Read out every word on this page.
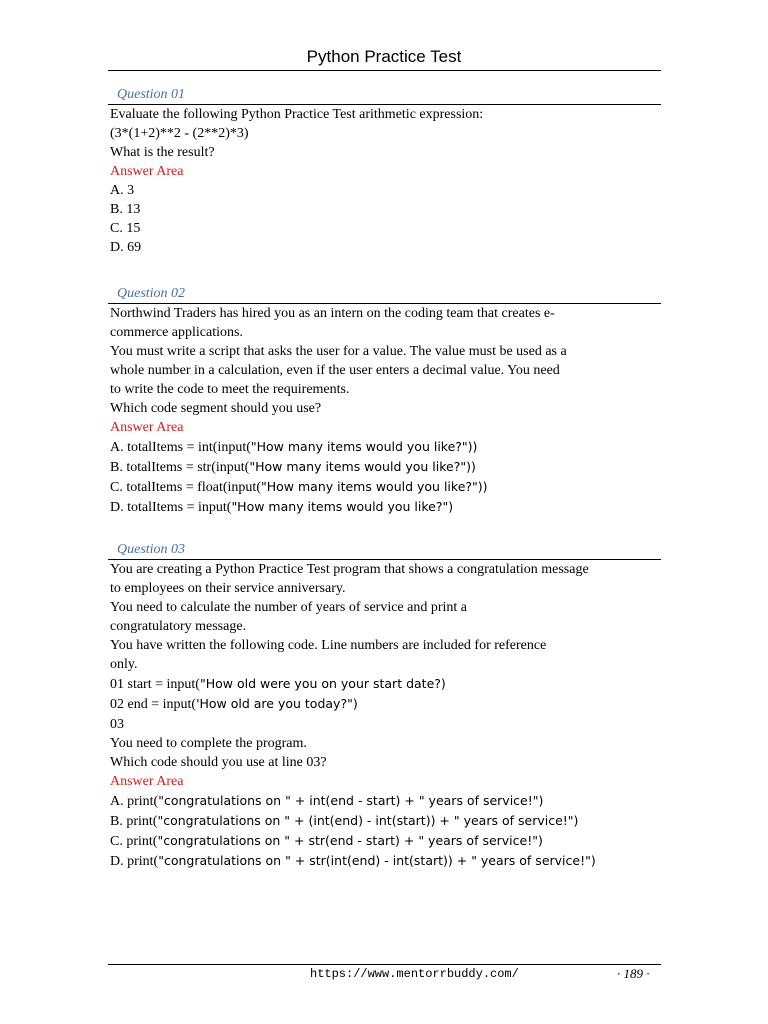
Python Practice Test
Question 01
Evaluate the following Python Practice Test arithmetic expression:
(3*(1+2)**2 - (2**2)*3)
What is the result?
Answer Area
A. 3
B. 13
C. 15
D. 69
Question 02
Northwind Traders has hired you as an intern on the coding team that creates e-
commerce applications.
You must write a script that asks the user for a value. The value must be used as a
whole number in a calculation, even if the user enters a decimal value. You need
to write the code to meet the requirements.
Which code segment should you use?
Answer Area
A. totalItems = int(input("How many items would you like?"))
B. totalItems = str(input("How many items would you like?"))
C. totalItems = float(input("How many items would you like?"))
D. totalItems = input("How many items would you like?")
Question 03
You are creating a Python Practice Test program that shows a congratulation message
to employees on their service anniversary.
You need to calculate the number of years of service and print a
congratulatory message.
You have written the following code. Line numbers are included for reference
only.
01 start = input("How old were you on your start date?)
02 end = input('How old are you today?")
03
You need to complete the program.
Which code should you use at line 03?
Answer Area
A. print("congratulations on " + int(end - start) + " years of service!")
B. print("congratulations on " + (int(end) - int(start)) + " years of service!")
C. print("congratulations on " + str(end - start) + " years of service!")
D. print("congratulations on " + str(int(end) - int(start)) + " years of service!")
https://www.mentorrbuddy.com/	· 189 ·
